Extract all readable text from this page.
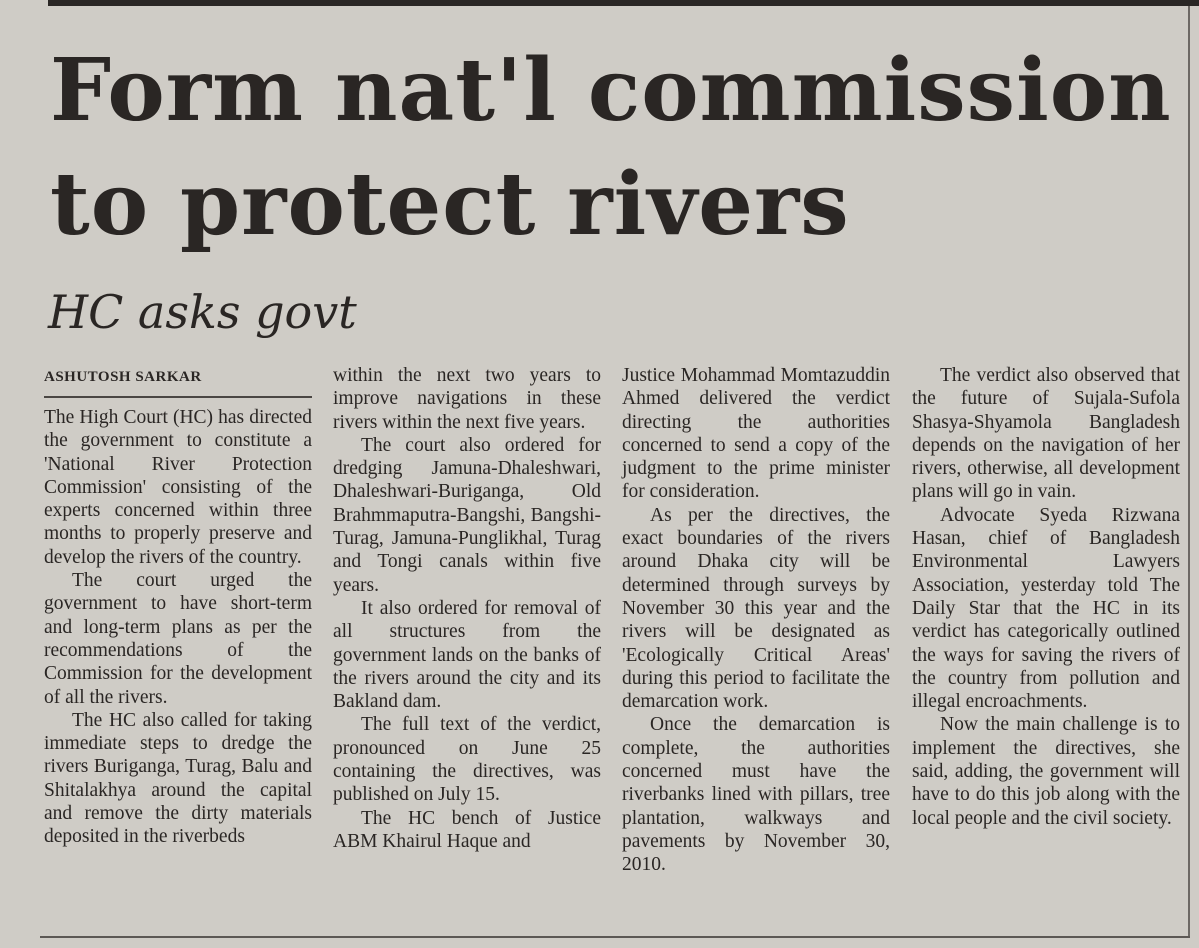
Form nat'l commission to protect rivers
HC asks govt
ASHUTOSH SARKAR

The High Court (HC) has directed the government to constitute a 'National River Protection Commission' consisting of the experts concerned within three months to properly preserve and develop the rivers of the country.

The court urged the government to have short-term and long-term plans as per the recommendations of the Commission for the development of all the rivers.

The HC also called for taking immediate steps to dredge the rivers Buriganga, Turag, Balu and Shitalakhya around the capital and remove the dirty materials deposited in the riverbeds

within the next two years to improve navigations in these rivers within the next five years.

The court also ordered for dredging Jamuna-Dhaleshwari, Dhaleshwari-Buriganga, Old Brahmmaputra-Bangshi, Bangshi-Turag, Jamuna-Punglikhal, Turag and Tongi canals within five years.

It also ordered for removal of all structures from the government lands on the banks of the rivers around the city and its Bakland dam.

The full text of the verdict, pronounced on June 25 containing the directives, was published on July 15.

The HC bench of Justice ABM Khairul Haque and

Justice Mohammad Momtazuddin Ahmed delivered the verdict directing the authorities concerned to send a copy of the judgment to the prime minister for consideration.

As per the directives, the exact boundaries of the rivers around Dhaka city will be determined through surveys by November 30 this year and the rivers will be designated as 'Ecologically Critical Areas' during this period to facilitate the demarcation work.

Once the demarcation is complete, the authorities concerned must have the riverbanks lined with pillars, tree plantation, walkways and pavements by November 30, 2010.

The verdict also observed that the future of Sujala-Sufola Shasya-Shyamola Bangladesh depends on the navigation of her rivers, otherwise, all development plans will go in vain.

Advocate Syeda Rizwana Hasan, chief of Bangladesh Environmental Lawyers Association, yesterday told The Daily Star that the HC in its verdict has categorically outlined the ways for saving the rivers of the country from pollution and illegal encroachments.

Now the main challenge is to implement the directives, she said, adding, the government will have to do this job along with the local people and the civil society.
